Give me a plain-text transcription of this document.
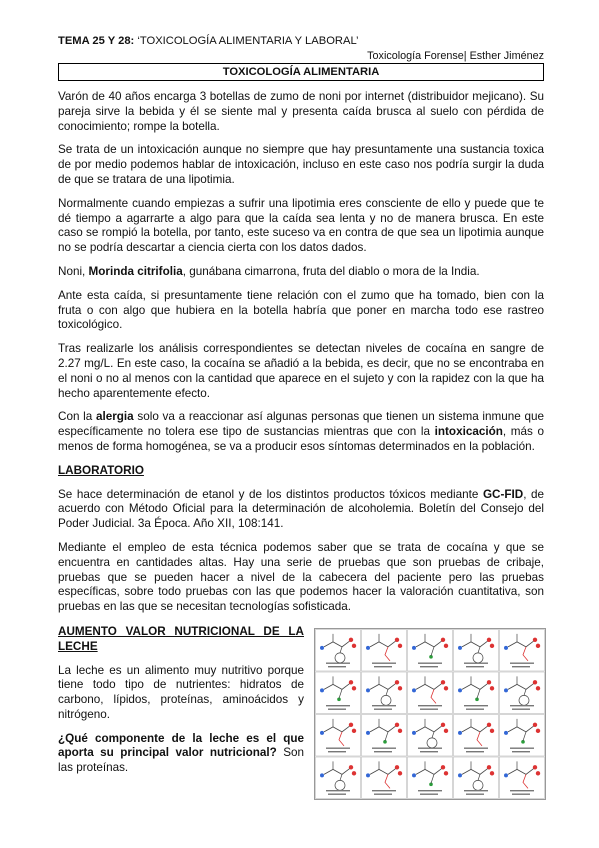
TEMA 25 Y 28: ‘TOXICOLOGÍA ALIMENTARIA Y LABORAL’
Toxicología Forense| Esther Jiménez
TOXICOLOGÍA ALIMENTARIA

Varón de 40 años encarga 3 botellas de zumo de noni por internet (distribuidor mejicano). Su pareja sirve la bebida y él se siente mal y presenta caída brusca al suelo con pérdida de conocimiento; rompe la botella.

Se trata de un intoxicación aunque no siempre que hay presuntamente una sustancia toxica de por medio podemos hablar de intoxicación, incluso en este caso nos podría surgir la duda de que se tratara de una lipotimia.

Normalmente cuando empiezas a sufrir una lipotimia eres consciente de ello y puede que te dé tiempo a agarrarte a algo para que la caída sea lenta y no de manera brusca. En este caso se rompió la botella, por tanto, este suceso va en contra de que sea un lipotimia aunque no se podría descartar a ciencia cierta con los datos dados.

Noni, Morinda citrifolia, gunábana cimarrona, fruta del diablo o mora de la India.

Ante esta caída, si presuntamente tiene relación con el zumo que ha tomado, bien con la fruta o con algo que hubiera en la botella habría que poner en marcha todo ese rastreo toxicológico.

Tras realizarle los análisis correspondientes se detectan niveles de cocaína en sangre de 2.27 mg/L. En este caso, la cocaína se añadió a la bebida, es decir, que no se encontraba en el noni o no al menos con la cantidad que aparece en el sujeto y con la rapidez con la que ha hecho aparentemente efecto.

Con la alergia solo va a reaccionar así algunas personas que tienen un sistema inmune que específicamente no tolera ese tipo de sustancias mientras que con la intoxicación, más o menos de forma homogénea, se va a producir esos síntomas determinados en la población.

LABORATORIO

Se hace determinación de etanol y de los distintos productos tóxicos mediante GC-FID, de acuerdo con Método Oficial para la determinación de alcoholemia. Boletín del Consejo del Poder Judicial. 3a Época. Año XII, 108:141.

Mediante el empleo de esta técnica podemos saber que se trata de cocaína y que se encuentra en cantidades altas. Hay una serie de pruebas que son pruebas de cribaje, pruebas que se pueden hacer a nivel de la cabecera del paciente pero las pruebas específicas, sobre todo pruebas con las que podemos hacer la valoración cuantitativa, son pruebas en las que se necesitan tecnologías sofisticada.

AUMENTO VALOR NUTRICIONAL DE LA LECHE

La leche es un alimento muy nutritivo porque tiene todo tipo de nutrientes: hidratos de carbono, lípidos, proteínas, aminoácidos y nitrógeno.

¿Qué componente de la leche es el que aporta su principal valor nutricional? Son las proteínas.
